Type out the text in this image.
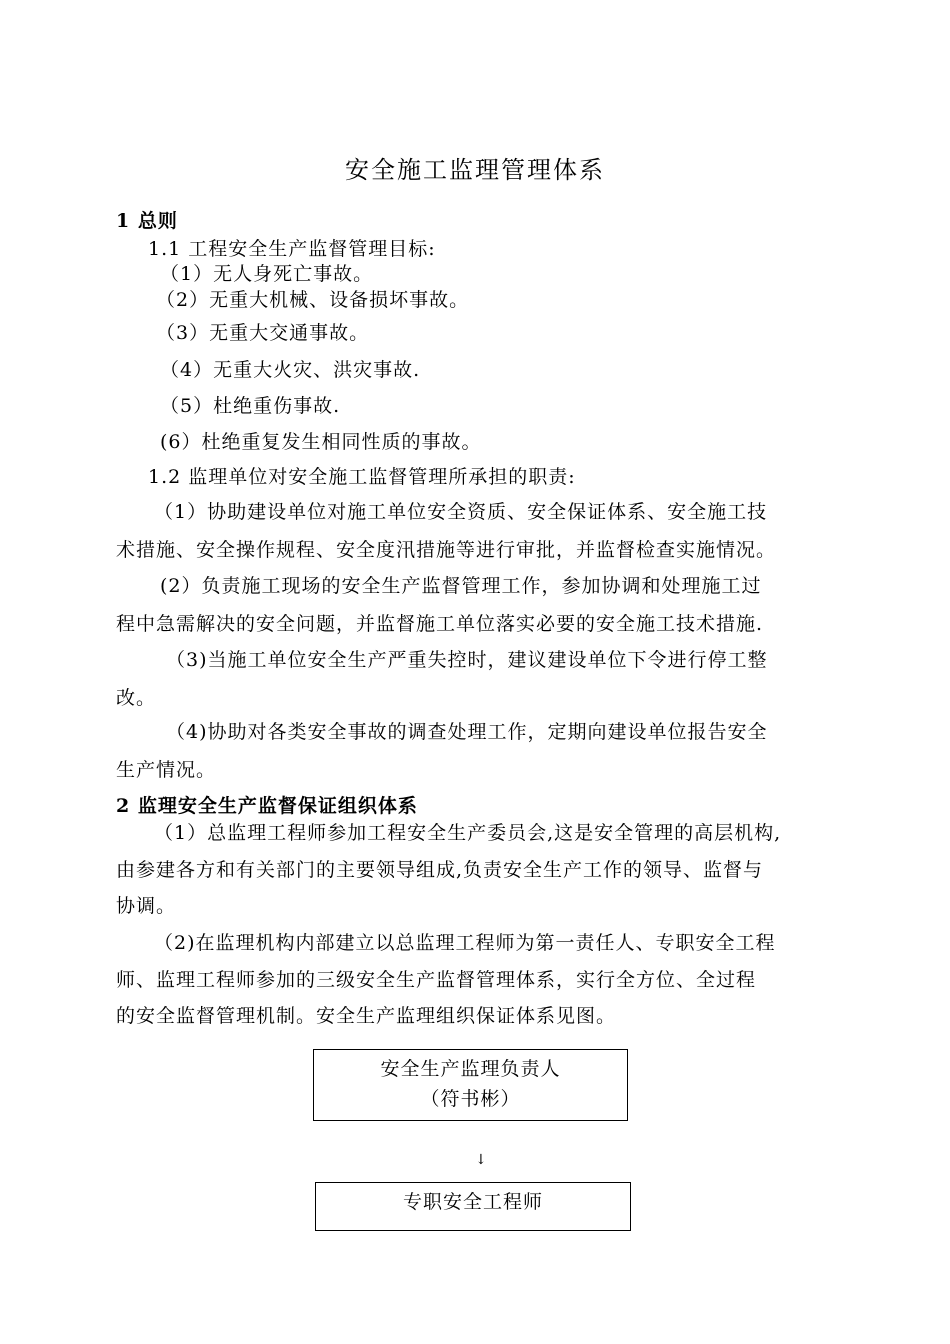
安全施工监理管理体系
1 总则
1.1 工程安全生产监督管理目标:
（1）无人身死亡事故。
（2）无重大机械、设备损坏事故。
（3）无重大交通事故。
（4）无重大火灾、洪灾事故.
（5）杜绝重伤事故.
(6）杜绝重复发生相同性质的事故。
1.2 监理单位对安全施工监督管理所承担的职责:
（1）协助建设单位对施工单位安全资质、安全保证体系、安全施工技
术措施、安全操作规程、安全度汛措施等进行审批，并监督检查实施情况。
(2）负责施工现场的安全生产监督管理工作，参加协调和处理施工过
程中急需解决的安全问题，并监督施工单位落实必要的安全施工技术措施.
（3)当施工单位安全生产严重失控时，建议建设单位下令进行停工整
改。
（4)协助对各类安全事故的调查处理工作，定期向建设单位报告安全
生产情况。
2 监理安全生产监督保证组织体系
（1）总监理工程师参加工程安全生产委员会,这是安全管理的高层机构,
由参建各方和有关部门的主要领导组成,负责安全生产工作的领导、监督与
协调。
（2)在监理机构内部建立以总监理工程师为第一责任人、专职安全工程
师、监理工程师参加的三级安全生产监督管理体系，实行全方位、全过程
的安全监督管理机制。安全生产监理组织保证体系见图。
安全生产监理负责人
（符书彬）
↓
专职安全工程师
